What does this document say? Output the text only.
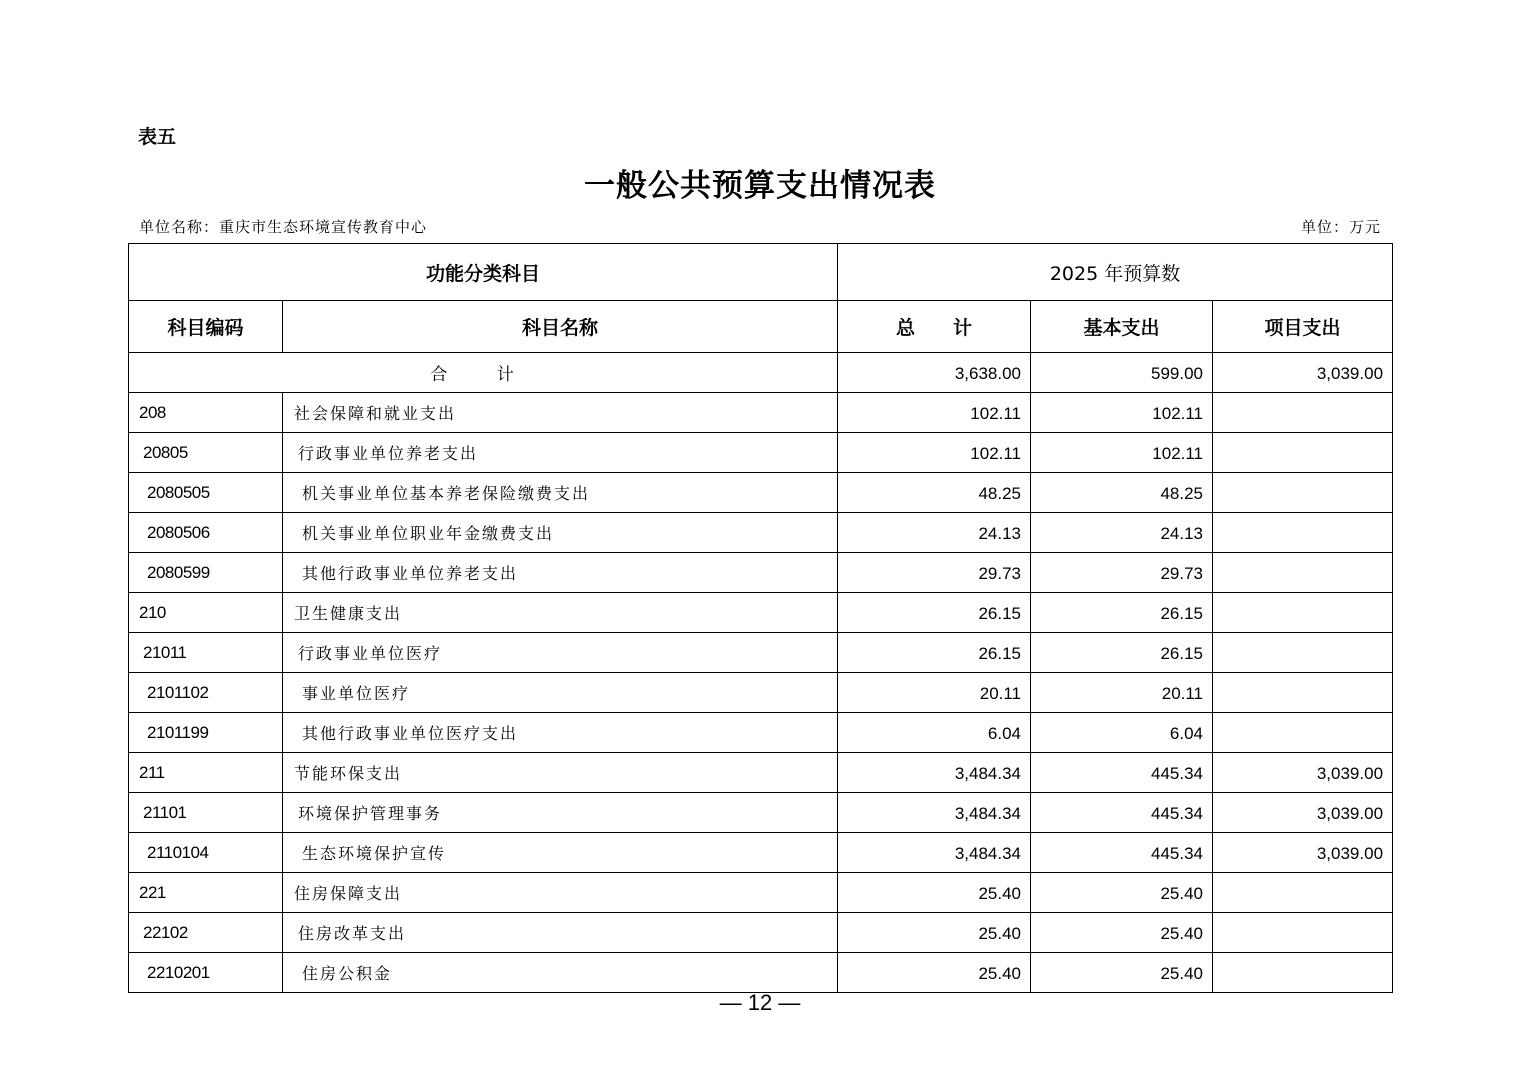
表五
一般公共预算支出情况表
单位名称：重庆市生态环境宣传教育中心	单位：万元
功能分类科目		2025 年预算数		
科目编码	科目名称	总　　计	基本支出	项目支出
合 计		3,638.00	599.00	3,039.00
208	社会保障和就业支出	102.11	102.11	
20805	行政事业单位养老支出	102.11	102.11	
2080505	机关事业单位基本养老保险缴费支出	48.25	48.25	
2080506	机关事业单位职业年金缴费支出	24.13	24.13	
2080599	其他行政事业单位养老支出	29.73	29.73	
210	卫生健康支出	26.15	26.15	
21011	行政事业单位医疗	26.15	26.15	
2101102	事业单位医疗	20.11	20.11	
2101199	其他行政事业单位医疗支出	6.04	6.04	
211	节能环保支出	3,484.34	445.34	3,039.00
21101	环境保护管理事务	3,484.34	445.34	3,039.00
2110104	生态环境保护宣传	3,484.34	445.34	3,039.00
221	住房保障支出	25.40	25.40	
22102	住房改革支出	25.40	25.40	
2210201	住房公积金	25.40	25.40	
— 12 —
